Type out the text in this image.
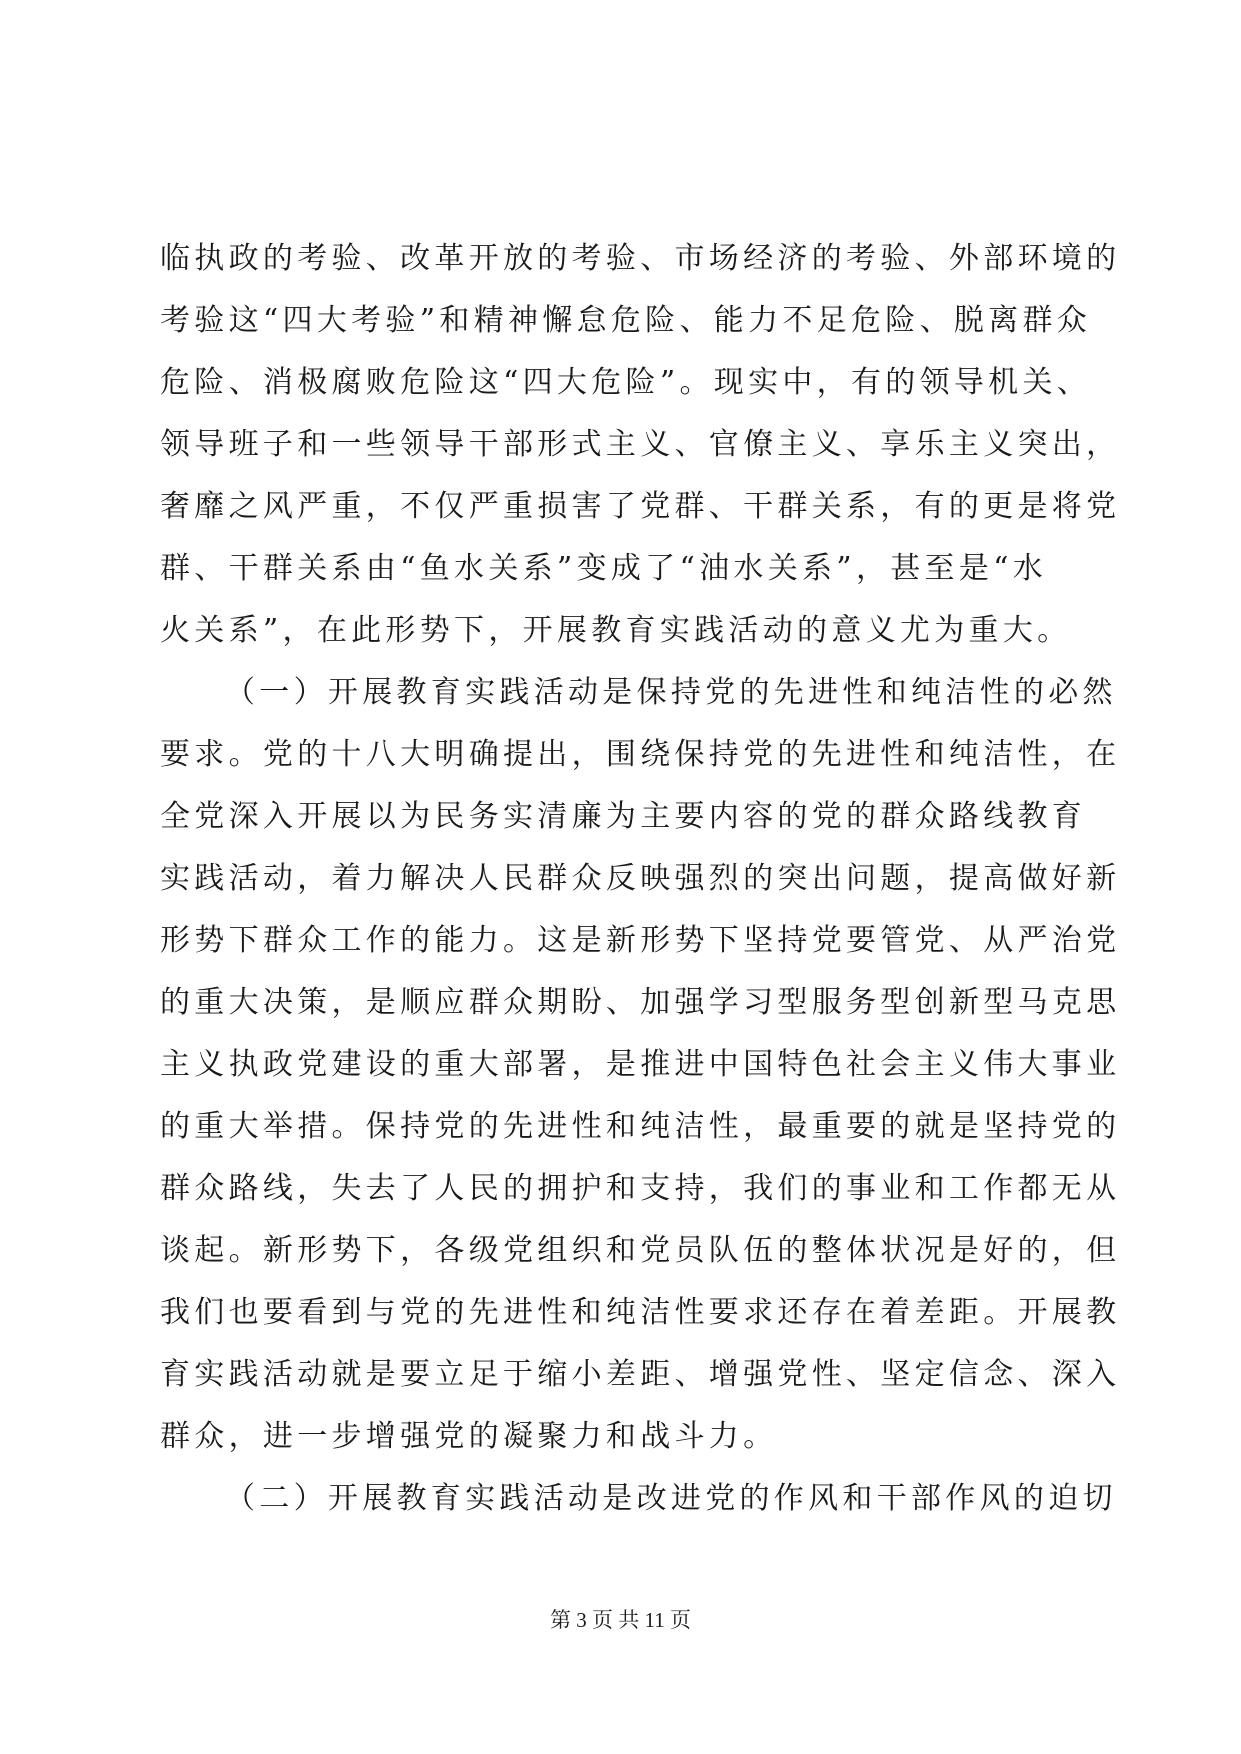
临执政的考验、改革开放的考验、市场经济的考验、外部环境的
考验这“四大考验”和精神懈怠危险、能力不足危险、脱离群众
危险、消极腐败危险这“四大危险”。现实中，有的领导机关、
领导班子和一些领导干部形式主义、官僚主义、享乐主义突出，
奢靡之风严重，不仅严重损害了党群、干群关系，有的更是将党
群、干群关系由“鱼水关系”变成了“油水关系”，甚至是“水
火关系”，在此形势下，开展教育实践活动的意义尤为重大。
（一）开展教育实践活动是保持党的先进性和纯洁性的必然
要求。党的十八大明确提出，围绕保持党的先进性和纯洁性，在
全党深入开展以为民务实清廉为主要内容的党的群众路线教育
实践活动，着力解决人民群众反映强烈的突出问题，提高做好新
形势下群众工作的能力。这是新形势下坚持党要管党、从严治党
的重大决策，是顺应群众期盼、加强学习型服务型创新型马克思
主义执政党建设的重大部署，是推进中国特色社会主义伟大事业
的重大举措。保持党的先进性和纯洁性，最重要的就是坚持党的
群众路线，失去了人民的拥护和支持，我们的事业和工作都无从
谈起。新形势下，各级党组织和党员队伍的整体状况是好的，但
我们也要看到与党的先进性和纯洁性要求还存在着差距。开展教
育实践活动就是要立足于缩小差距、增强党性、坚定信念、深入
群众，进一步增强党的凝聚力和战斗力。
（二）开展教育实践活动是改进党的作风和干部作风的迫切
第 3 页 共 11 页
